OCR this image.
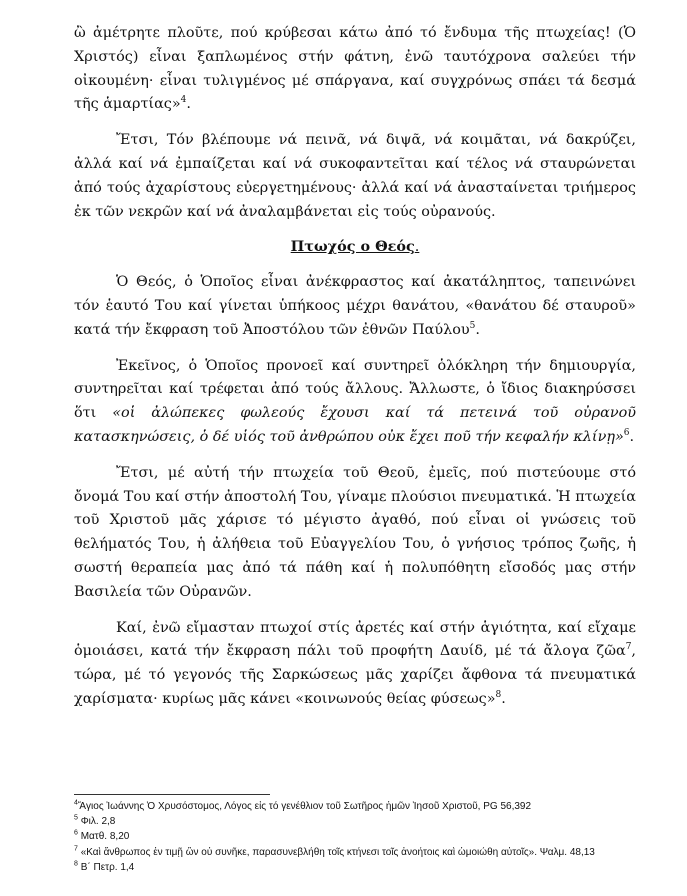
ὢ ἀμέτρητε πλοῦτε, πού κρύβεσαι κάτω ἀπό τό ἔνδυμα τῆς πτωχείας! (Ὁ Χριστός) εἶναι ξαπλωμένος στήν φάτνη, ἐνῶ ταυτόχρονα σαλεύει τήν οἰκουμένη· εἶναι τυλιγμένος μέ σπάργανα, καί συγχρόνως σπάει τά δεσμά τῆς ἁμαρτίας»$^4$.

Ἔτσι, Τόν βλέπουμε νά πεινᾶ, νά διψᾶ, νά κοιμᾶται, νά δακρύζει, ἀλλά καί νά ἐμπαίζεται καί νά συκοφαντεῖται καί τέλος νά σταυρώνεται ἀπό τούς ἀχαρίστους εὐεργετημένους· ἀλλά καί νά ἀνασταίνεται τριήμερος ἐκ τῶν νεκρῶν καί νά ἀναλαμβάνεται εἰς τούς οὐρανούς.

Πτωχός ο Θεός.

Ὁ Θεός, ὁ Ὁποῖος εἶναι ἀνέκφραστος καί ἀκατάληπτος, ταπεινώνει τόν ἑαυτό Του καί γίνεται ὑπήκοος μέχρι θανάτου, «θανάτου δέ σταυροῦ» κατά τήν ἔκφραση τοῦ Ἀποστόλου τῶν ἐθνῶν Παύλου$^5$.

Ἐκεῖνος, ὁ Ὁποῖος προνοεῖ καί συντηρεῖ ὁλόκληρη τήν δημιουργία, συντηρεῖται καί τρέφεται ἀπό τούς ἄλλους. Ἄλλωστε, ὁ ἴδιος διακηρύσσει ὅτι «οἱ ἀλώπεκες φωλεούς ἔχουσι καί τά πετεινά τοῦ οὐρανοῦ κατασκηνώσεις, ὁ δέ υἱός τοῦ ἀνθρώπου οὐκ ἔχει ποῦ τήν κεφαλήν κλίνῃ»$^6$.

Ἔτσι, μέ αὐτή τήν πτωχεία τοῦ Θεοῦ, ἐμεῖς, πού πιστεύουμε στό ὄνομά Του καί στήν ἀποστολή Του, γίναμε πλούσιοι πνευματικά. Ἡ πτωχεία τοῦ Χριστοῦ μᾶς χάρισε τό μέγιστο ἀγαθό, πού εἶναι οἱ γνώσεις τοῦ θελήματός Του, ἡ ἀλήθεια τοῦ Εὐαγγελίου Του, ὁ γνήσιος τρόπος ζωῆς, ἡ σωστή θεραπεία μας ἀπό τά πάθη καί ἡ πολυπόθητη εἴσοδός μας στήν Βασιλεία τῶν Οὐρανῶν.

Καί, ἐνῶ εἴμασταν πτωχοί στίς ἀρετές καί στήν ἁγιότητα, καί εἴχαμε ὁμοιάσει, κατά τήν ἔκφραση πάλι τοῦ προφήτη Δαυίδ, μέ τά ἄλογα ζῶα$^7$, τώρα, μέ τό γεγονός τῆς Σαρκώσεως μᾶς χαρίζει ἄφθονα τά πνευματικά χαρίσματα· κυρίως μᾶς κάνει «κοινωνούς θείας φύσεως»$^8$.

$^4$Ἅγιος Ἰωάννης Ὁ Χρυσόστομος, Λόγος εἰς τό γενέθλιον τοῦ Σωτῆρος ἡμῶν Ἰησοῦ Χριστοῦ, PG 56,392

$^5$ Φιλ. 2,8

$^6$ Ματθ. 8,20

$^7$ «Καὶ ἄνθρωπος ἐν τιμῇ ὢν οὐ συνῆκε, παρασυνεβλήθη τοῖς κτήνεσι τοῖς ἀνοήτοις καὶ ὡμοιώθη αὐτοῖς». Ψαλμ. 48,13

$^8$ Β΄ Πετρ. 1,4
